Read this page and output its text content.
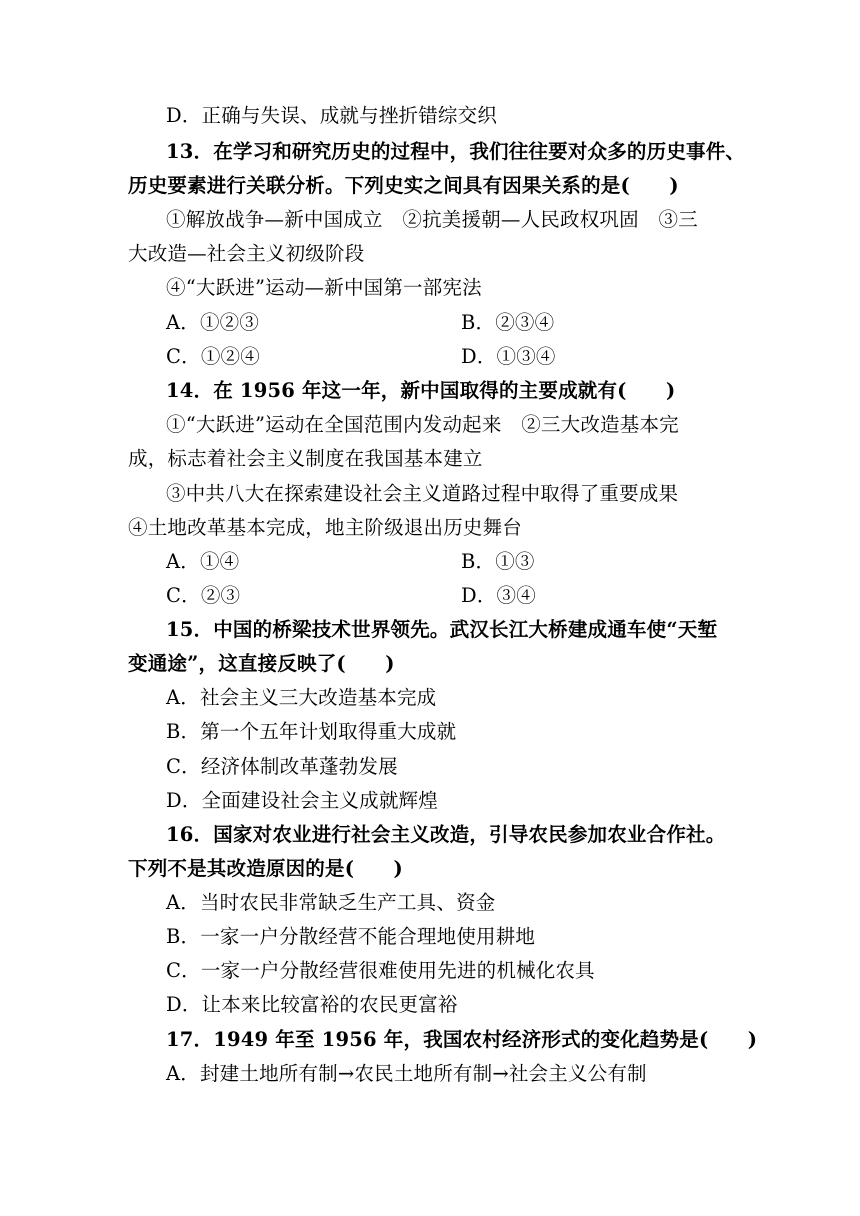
D．正确与失误、成就与挫折错综交织
13．在学习和研究历史的过程中，我们往往要对众多的历史事件、
历史要素进行关联分析。下列史实之间具有因果关系的是(　　)
①解放战争—新中国成立　②抗美援朝—人民政权巩固　③三
大改造—社会主义初级阶段
④“大跃进”运动—新中国第一部宪法
A．①②③	B．②③④
C．①②④	D．①③④
14．在 1956 年这一年，新中国取得的主要成就有(　　)
①“大跃进”运动在全国范围内发动起来　②三大改造基本完
成，标志着社会主义制度在我国基本建立
③中共八大在探索建设社会主义道路过程中取得了重要成果
④土地改革基本完成，地主阶级退出历史舞台
A．①④	B．①③
C．②③	D．③④
15．中国的桥梁技术世界领先。武汉长江大桥建成通车使“天堑
变通途”，这直接反映了(　　)
A．社会主义三大改造基本完成
B．第一个五年计划取得重大成就
C．经济体制改革蓬勃发展
D．全面建设社会主义成就辉煌
16．国家对农业进行社会主义改造，引导农民参加农业合作社。
下列不是其改造原因的是(　　)
A．当时农民非常缺乏生产工具、资金
B．一家一户分散经营不能合理地使用耕地
C．一家一户分散经营很难使用先进的机械化农具
D．让本来比较富裕的农民更富裕
17．1949 年至 1956 年，我国农村经济形式的变化趋势是(　　)
A．封建土地所有制→农民土地所有制→社会主义公有制
